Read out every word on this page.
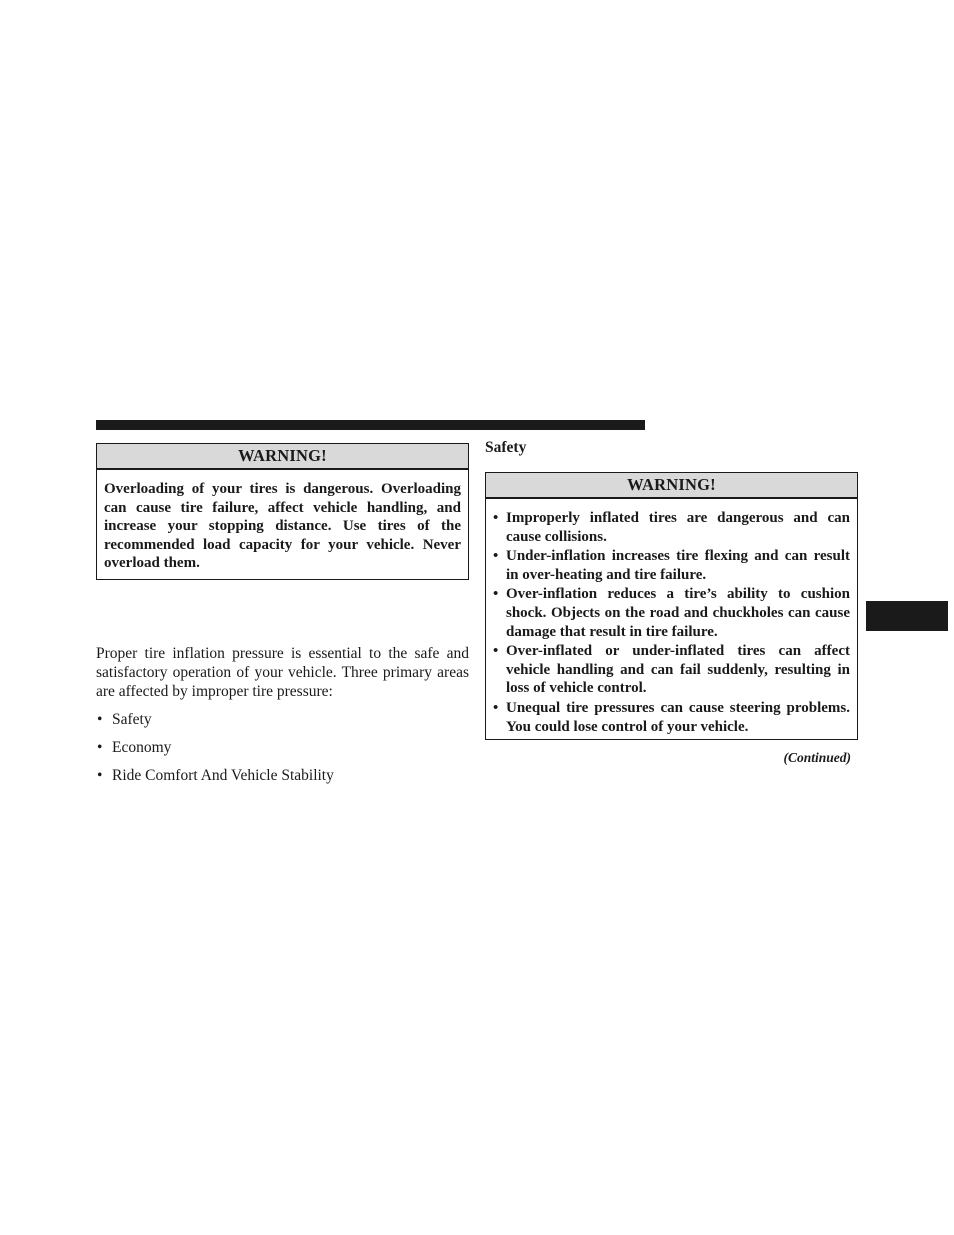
WARNING!
Overloading of your tires is dangerous. Overloading can cause tire failure, affect vehicle handling, and increase your stopping distance. Use tires of the recommended load capacity for your vehicle. Never overload them.

Proper tire inflation pressure is essential to the safe and satisfactory operation of your vehicle. Three primary areas are affected by improper tire pressure:

• Safety
• Economy
• Ride Comfort And Vehicle Stability
Safety
WARNING!
• Improperly inflated tires are dangerous and can cause collisions.
• Under-inflation increases tire flexing and can result in over-heating and tire failure.
• Over-inflation reduces a tire’s ability to cushion shock. Objects on the road and chuckholes can cause damage that result in tire failure.
• Over-inflated or under-inflated tires can affect vehicle handling and can fail suddenly, resulting in loss of vehicle control.
• Unequal tire pressures can cause steering problems. You could lose control of your vehicle.
(Continued)
